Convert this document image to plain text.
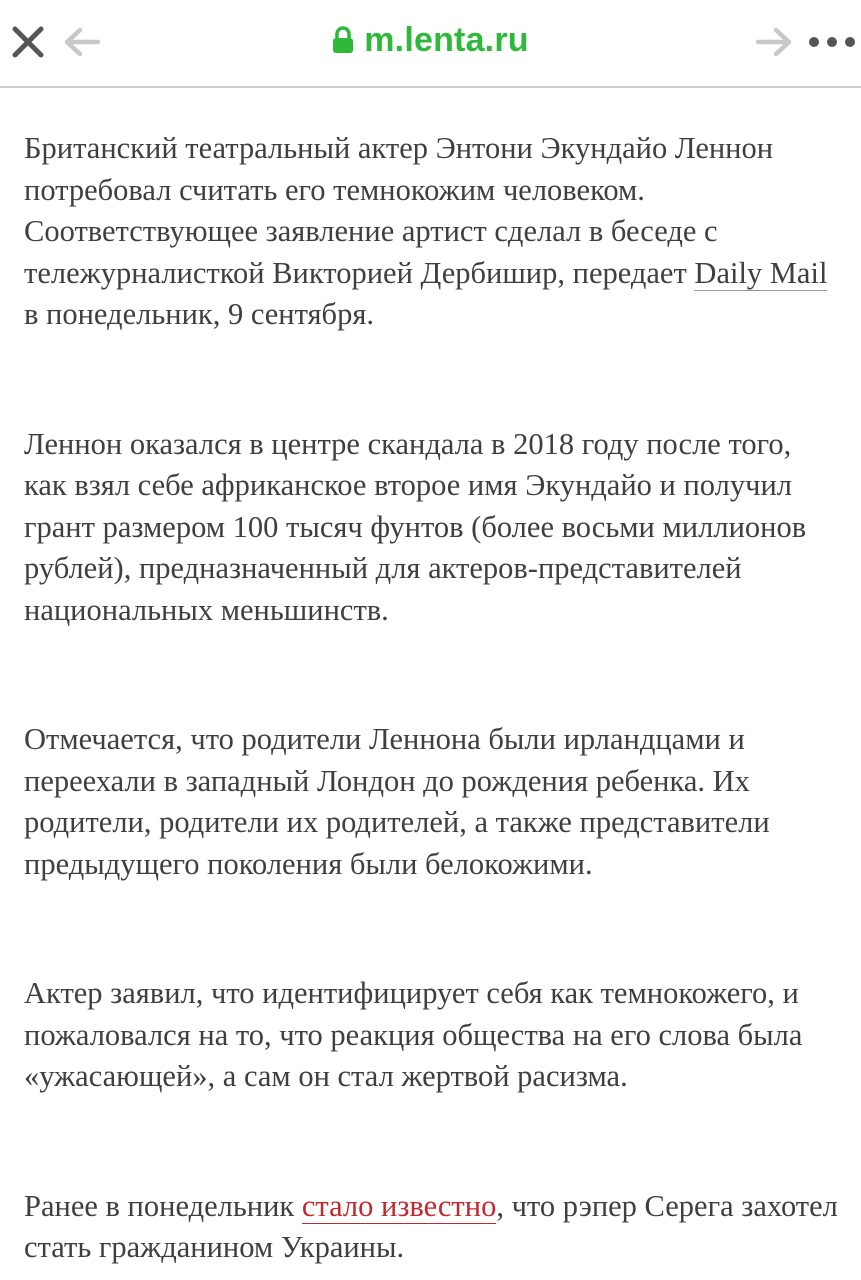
m.lenta.ru

Британский театральный актер Энтони Экундайо Леннон потребовал считать его темнокожим человеком. Соответствующее заявление артист сделал в беседе с тележурналисткой Викторией Дербишир, передает Daily Mail в понедельник, 9 сентября.

Леннон оказался в центре скандала в 2018 году после того, как взял себе африканское второе имя Экундайо и получил грант размером 100 тысяч фунтов (более восьми миллионов рублей), предназначенный для актеров-представителей национальных меньшинств.

Отмечается, что родители Леннона были ирландцами и переехали в западный Лондон до рождения ребенка. Их родители, родители их родителей, а также представители предыдущего поколения были белокожими.

Актер заявил, что идентифицирует себя как темнокожего, и пожаловался на то, что реакция общества на его слова была «ужасающей», а сам он стал жертвой расизма.

Ранее в понедельник стало известно, что рэпер Серега захотел стать гражданином Украины.
